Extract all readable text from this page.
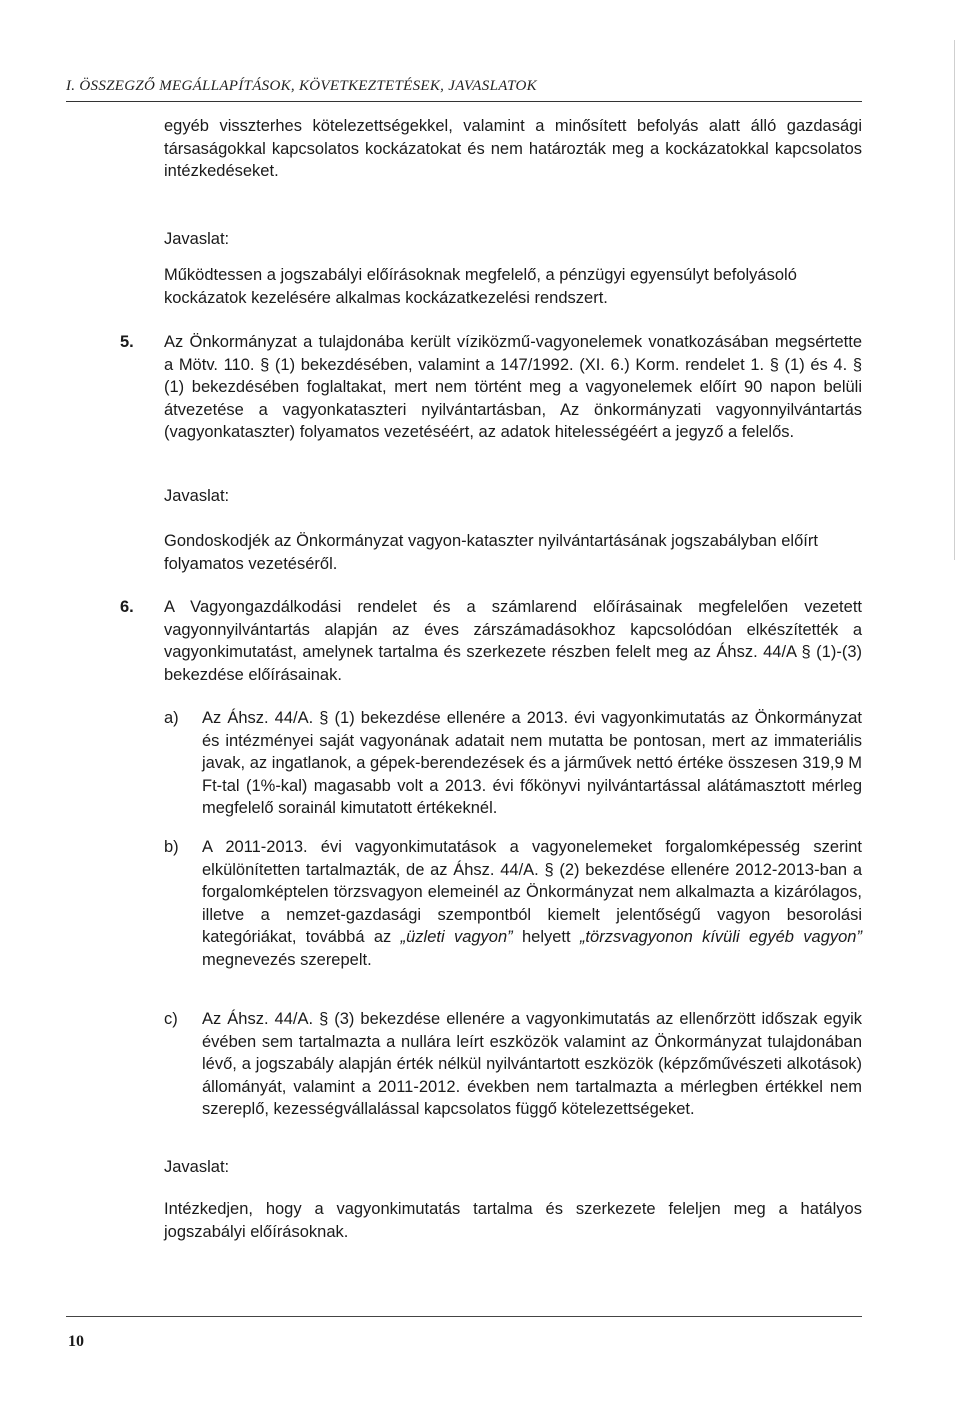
I. ÖSSZEGZŐ MEGÁLLAPÍTÁSOK, KÖVETKEZTETÉSEK, JAVASLATOK
egyéb visszterhes kötelezettségekkel, valamint a minősített befolyás alatt álló gazdasági társaságokkal kapcsolatos kockázatokat és nem határozták meg a kockázatokkal kapcsolatos intézkedéseket.
Javaslat:
Működtessen a jogszabályi előírásoknak megfelelő, a pénzügyi egyensúlyt befolyásoló kockázatok kezelésére alkalmas kockázatkezelési rendszert.
5. Az Önkormányzat a tulajdonába került víziközmű-vagyonelemek vonatkozásában megsértette a Mötv. 110. § (1) bekezdésében, valamint a 147/1992. (XI. 6.) Korm. rendelet 1. § (1) és 4. § (1) bekezdésében foglaltakat, mert nem történt meg a vagyonelemek előírt 90 napon belüli átvezetése a vagyonkataszteri nyilvántartásban, Az önkormányzati vagyonnyilvántartás (vagyonkataszter) folyamatos vezetéséért, az adatok hitelességéért a jegyző a felelős.
Javaslat:
Gondoskodjék az Önkormányzat vagyon-kataszter nyilvántartásának jogszabályban előírt folyamatos vezetéséről.
6. A Vagyongazdálkodási rendelet és a számlarend előírásainak megfelelően vezetett vagyonnyilvántartás alapján az éves zárszámadásokhoz kapcsolódóan elkészítették a vagyonkimutatást, amelynek tartalma és szerkezete részben felelt meg az Áhsz. 44/A § (1)-(3) bekezdése előírásainak.
a) Az Áhsz. 44/A. § (1) bekezdése ellenére a 2013. évi vagyonkimutatás az Önkormányzat és intézményei saját vagyonának adatait nem mutatta be pontosan, mert az immateriális javak, az ingatlanok, a gépek-berendezések és a járművek nettó értéke összesen 319,9 M Ft-tal (1%-kal) magasabb volt a 2013. évi főkönyvi nyilvántartással alátámasztott mérleg megfelelő sorainál kimutatott értékeknél.
b) A 2011-2013. évi vagyonkimutatások a vagyonelemeket forgalomképesség szerint elkülönítetten tartalmazták, de az Áhsz. 44/A. § (2) bekezdése ellenére 2012-2013-ban a forgalomképtelen törzsvagyon elemeinél az Önkormányzat nem alkalmazta a kizárólagos, illetve a nemzet-gazdasági szempontból kiemelt jelentőségű vagyon besorolási kategóriákat, továbbá az „üzleti vagyon” helyett „törzsvagyonon kívüli egyéb vagyon” megnevezés szerepelt.
c) Az Áhsz. 44/A. § (3) bekezdése ellenére a vagyonkimutatás az ellenőrzött időszak egyik évében sem tartalmazta a nullára leírt eszközök valamint az Önkormányzat tulajdonában lévő, a jogszabály alapján érték nélkül nyilvántartott eszközök (képzőművészeti alkotások) állományát, valamint a 2011-2012. években nem tartalmazta a mérlegben értékkel nem szereplő, kezességvállalással kapcsolatos függő kötelezettségeket.
Javaslat:
Intézkedjen, hogy a vagyonkimutatás tartalma és szerkezete feleljen meg a hatályos jogszabályi előírásoknak.
10
